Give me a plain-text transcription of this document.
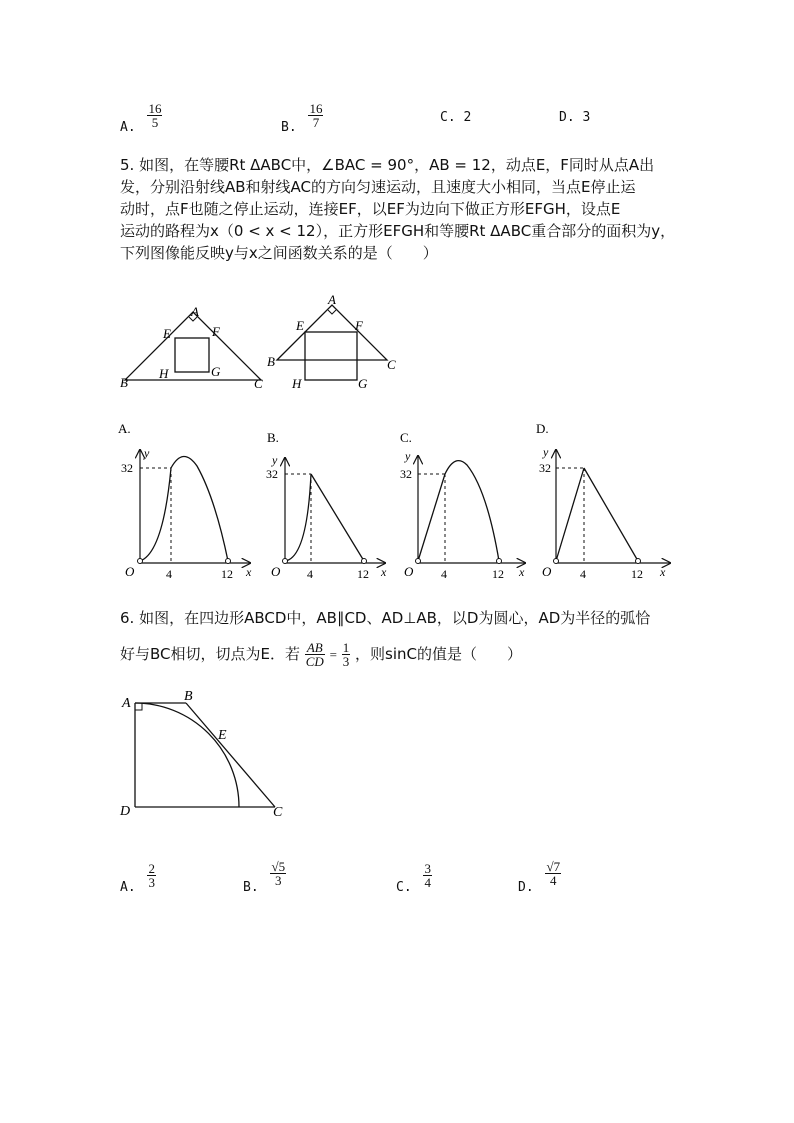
A. $\frac{16}{5}$	B. $\frac{16}{7}$	C. 2	D. 3
5. 如图，在等腰Rt ΔABC中，∠BAC = 90°，AB = 12，动点E，F同时从点A出
发，分别沿射线AB和射线AC的方向匀速运动，且速度大小相同，当点E停止运
动时，点F也随之停止运动，连接EF，以EF为边向下做正方形EFGH，设点E
运动的路程为x（0 < x < 12），正方形EFGH和等腰Rt ΔABC重合部分的面积为y，
下列图像能反映y与x之间函数关系的是（　　）
A
E	F
B
H	G
C
A
E	F
B
H	G
C
A.
y
32
O	4	12 x
B.
y
32
O 4	12 x
C.
y
32
O 4	12 x
D.
y
32
O 4	12 x
6. 如图，在四边形ABCD中，AB∥CD、AD⊥AB，以D为圆心，AD为半径的弧恰
好与BC相切，切点为E．若 $\frac{AB}{CD} = \frac{1}{3}$ ，则sinC的值是（　　）
A	B
E
D	C
A. $\frac{2}{3}$	B.
$\frac{√5}{3}$
C. $\frac{3}{4}$	D.
$\frac{√7}{4}$
